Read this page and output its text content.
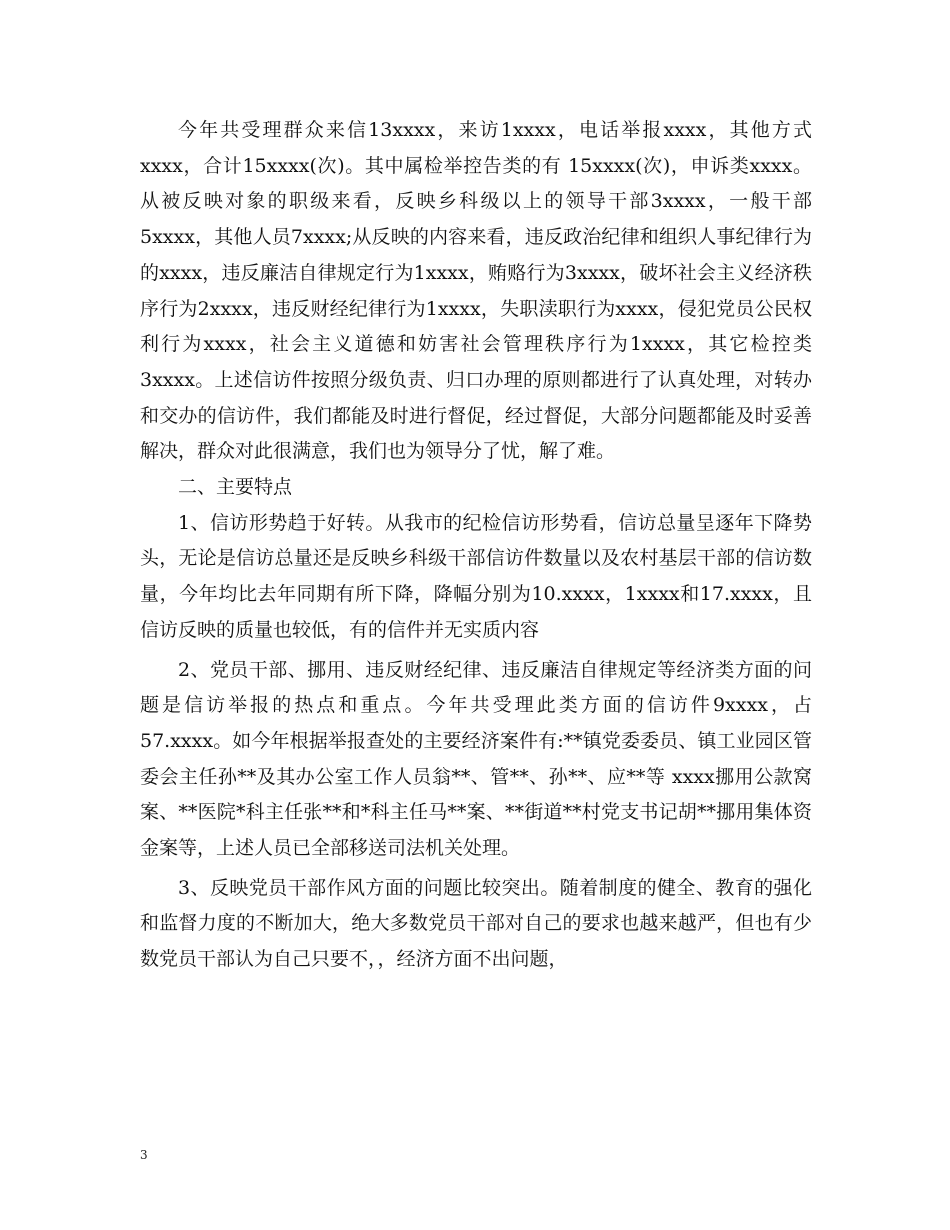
今年共受理群众来信13xxxx，来访1xxxx，电话举报xxxx，其他方式xxxx，合计15xxxx(次)。其中属检举控告类的有 15xxxx(次)，申诉类xxxx。从被反映对象的职级来看，反映乡科级以上的领导干部3xxxx，一般干部5xxxx，其他人员7xxxx;从反映的内容来看，违反政治纪律和组织人事纪律行为的xxxx，违反廉洁自律规定行为1xxxx，贿赂行为3xxxx，破坏社会主义经济秩序行为2xxxx，违反财经纪律行为1xxxx，失职渎职行为xxxx，侵犯党员公民权利行为xxxx，社会主义道德和妨害社会管理秩序行为1xxxx，其它检控类 3xxxx。上述信访件按照分级负责、归口办理的原则都进行了认真处理，对转办和交办的信访件，我们都能及时进行督促，经过督促，大部分问题都能及时妥善解决，群众对此很满意，我们也为领导分了忧，解了难。

二、主要特点

1、信访形势趋于好转。从我市的纪检信访形势看，信访总量呈逐年下降势头，无论是信访总量还是反映乡科级干部信访件数量以及农村基层干部的信访数量，今年均比去年同期有所下降，降幅分别为10.xxxx，1xxxx和17.xxxx，且信访反映的质量也较低，有的信件并无实质内容

2、党员干部、挪用、违反财经纪律、违反廉洁自律规定等经济类方面的问题是信访举报的热点和重点。今年共受理此类方面的信访件9xxxx，占 57.xxxx。如今年根据举报查处的主要经济案件有:**镇党委委员、镇工业园区管委会主任孙**及其办公室工作人员翁**、管**、孙**、应**等 xxxx挪用公款窝案、**医院*科主任张**和*科主任马**案、**街道**村党支书记胡**挪用集体资金案等，上述人员已全部移送司法机关处理。

3、反映党员干部作风方面的问题比较突出。随着制度的健全、教育的强化和监督力度的不断加大，绝大多数党员干部对自己的要求也越来越严，但也有少数党员干部认为自己只要不，，经济方面不出问题，

3
